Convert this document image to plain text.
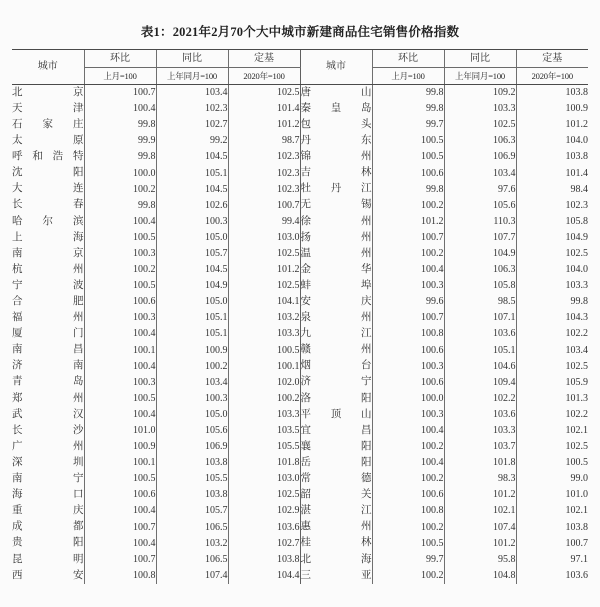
表1：2021年2月70个大中城市新建商品住宅销售价格指数
城市	环比	同比	定基	城市	环比	同比	定基
	上月=100	上年同月=100	2020年=100		上月=100	上年同月=100	2020年=100
北京	100.7	103.4	102.5	唐山	99.8	109.2	103.8
天津	100.4	102.3	101.4	秦皇岛	99.8	103.3	100.9
石家庄	99.8	102.7	101.2	包头	99.7	102.5	101.2
太原	99.9	99.2	98.7	丹东	100.5	106.3	104.0
呼和浩特	99.8	104.5	102.3	锦州	100.5	106.9	103.8
沈阳	100.0	105.1	102.3	吉林	100.6	103.4	101.4
大连	100.2	104.5	102.3	牡丹江	99.8	97.6	98.4
长春	99.8	102.6	100.7	无锡	100.2	105.6	102.3
哈尔滨	100.4	100.3	99.4	徐州	101.2	110.3	105.8
上海	100.5	105.0	103.0	扬州	100.7	107.7	104.9
南京	100.3	105.7	102.5	温州	100.2	104.9	102.5
杭州	100.2	104.5	101.2	金华	100.4	106.3	104.0
宁波	100.5	104.9	102.5	蚌埠	100.3	105.8	103.3
合肥	100.6	105.0	104.1	安庆	99.6	98.5	99.8
福州	100.3	105.1	103.2	泉州	100.7	107.1	104.3
厦门	100.4	105.1	103.3	九江	100.8	103.6	102.2
南昌	100.1	100.9	100.5	赣州	100.6	105.1	103.4
济南	100.4	100.2	100.1	烟台	100.3	104.6	102.5
青岛	100.3	103.4	102.0	济宁	100.6	109.4	105.9
郑州	100.5	100.3	100.2	洛阳	100.0	102.2	101.3
武汉	100.4	105.0	103.3	平顶山	100.3	103.6	102.2
长沙	101.0	105.6	103.5	宜昌	100.4	103.3	102.1
广州	100.9	106.9	105.5	襄阳	100.2	103.7	102.5
深圳	100.1	103.8	101.8	岳阳	100.4	101.8	100.5
南宁	100.5	105.5	103.0	常德	100.2	98.3	99.0
海口	100.6	103.8	102.5	韶关	100.6	101.2	101.0
重庆	100.4	105.7	102.9	湛江	100.8	102.1	102.1
成都	100.7	106.5	103.6	惠州	100.2	107.4	103.8
贵阳	100.4	103.2	102.7	桂林	100.5	101.2	100.7
昆明	100.7	106.5	103.8	北海	99.7	95.8	97.1
西安	100.8	107.4	104.4	三亚	100.2	104.8	103.6
